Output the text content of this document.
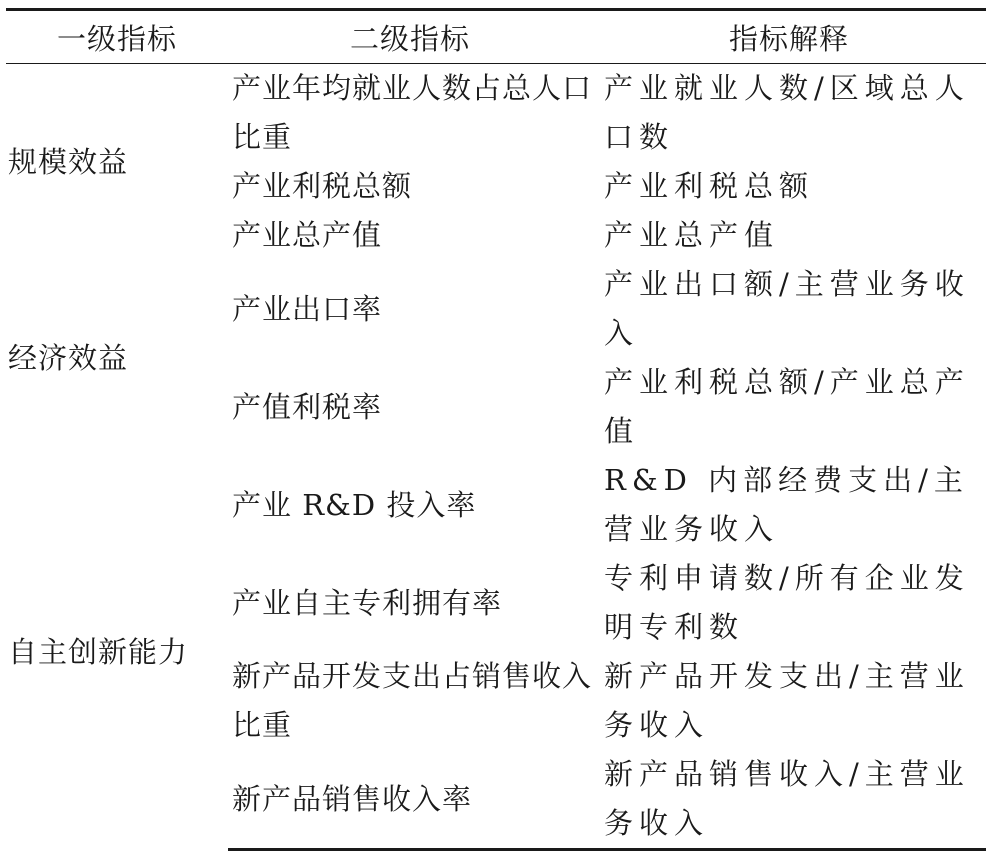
一级指标	二级指标	指标解释
规模效益	产业年均就业人数占总人口比重	产业就业人数/区域总人口数
	产业利税总额	产业利税总额
	产业总产值	产业总产值
经济效益	产业出口率	产业出口额/主营业务收入
	产值利税率	产业利税总额/产业总产值
自主创新能力	产业 R&D 投入率	R&D 内部经费支出/主营业务收入
	产业自主专利拥有率	专利申请数/所有企业发明专利数
	新产品开发支出占销售收入比重	新产品开发支出/主营业务收入
	新产品销售收入率	新产品销售收入/主营业务收入
